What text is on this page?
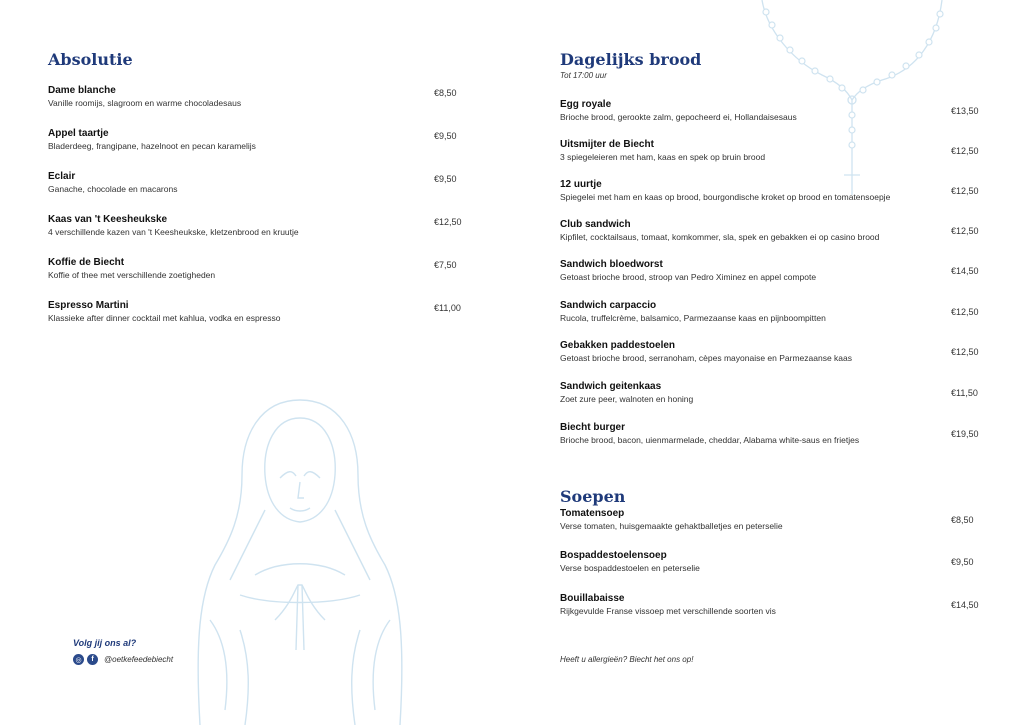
Absolutie
Dame blanche
Vanille roomijs, slagroom en warme chocoladesaus
€8,50
Appel taartje
Bladerdeeg, frangipane, hazelnoot en pecan karamelijs
€9,50
Eclair
Ganache, chocolade en macarons
€9,50
Kaas van 't Keesheukske
4 verschillende kazen van 't Keesheukske, kletzenbrood en kruutje
€12,50
Koffie de Biecht
Koffie of thee met verschillende zoetigheden
€7,50
Espresso Martini
Klassieke after dinner cocktail met kahlua, vodka en espresso
€11,00
Volg jij ons al?
◎	f	@oetkefeedebiecht
Dagelijks brood
Tot 17:00 uur
Egg royale
Brioche brood, gerookte zalm, gepocheerd ei, Hollandaisesaus
€13,50
Uitsmijter de Biecht
3 spiegeleieren met ham, kaas en spek op bruin brood
€12,50
12 uurtje
Spiegelei met ham en kaas op brood, bourgondische kroket op brood en tomatensoepje
€12,50
Club sandwich
Kipfilet, cocktailsaus, tomaat, komkommer, sla, spek en gebakken ei op casino brood
€12,50
Sandwich bloedworst
Getoast brioche brood, stroop van Pedro Ximinez en appel compote
€14,50
Sandwich carpaccio
Rucola, truffelcrème, balsamico, Parmezaanse kaas en pijnboompitten
€12,50
Gebakken paddestoelen
Getoast brioche brood, serranoham, cèpes mayonaise en Parmezaanse kaas
€12,50
Sandwich geitenkaas
Zoet zure peer, walnoten en honing
€11,50
Biecht burger
Brioche brood, bacon, uienmarmelade, cheddar, Alabama white-saus en frietjes
€19,50
Soepen
Tomatensoep
Verse tomaten, huisgemaakte gehaktballetjes en peterselie
€8,50
Bospaddestoelensoep
Verse bospaddestoelen en peterselie
€9,50
Bouillabaisse
Rijkgevulde Franse vissoep met verschillende soorten vis
€14,50
Heeft u allergieën? Biecht het ons op!
